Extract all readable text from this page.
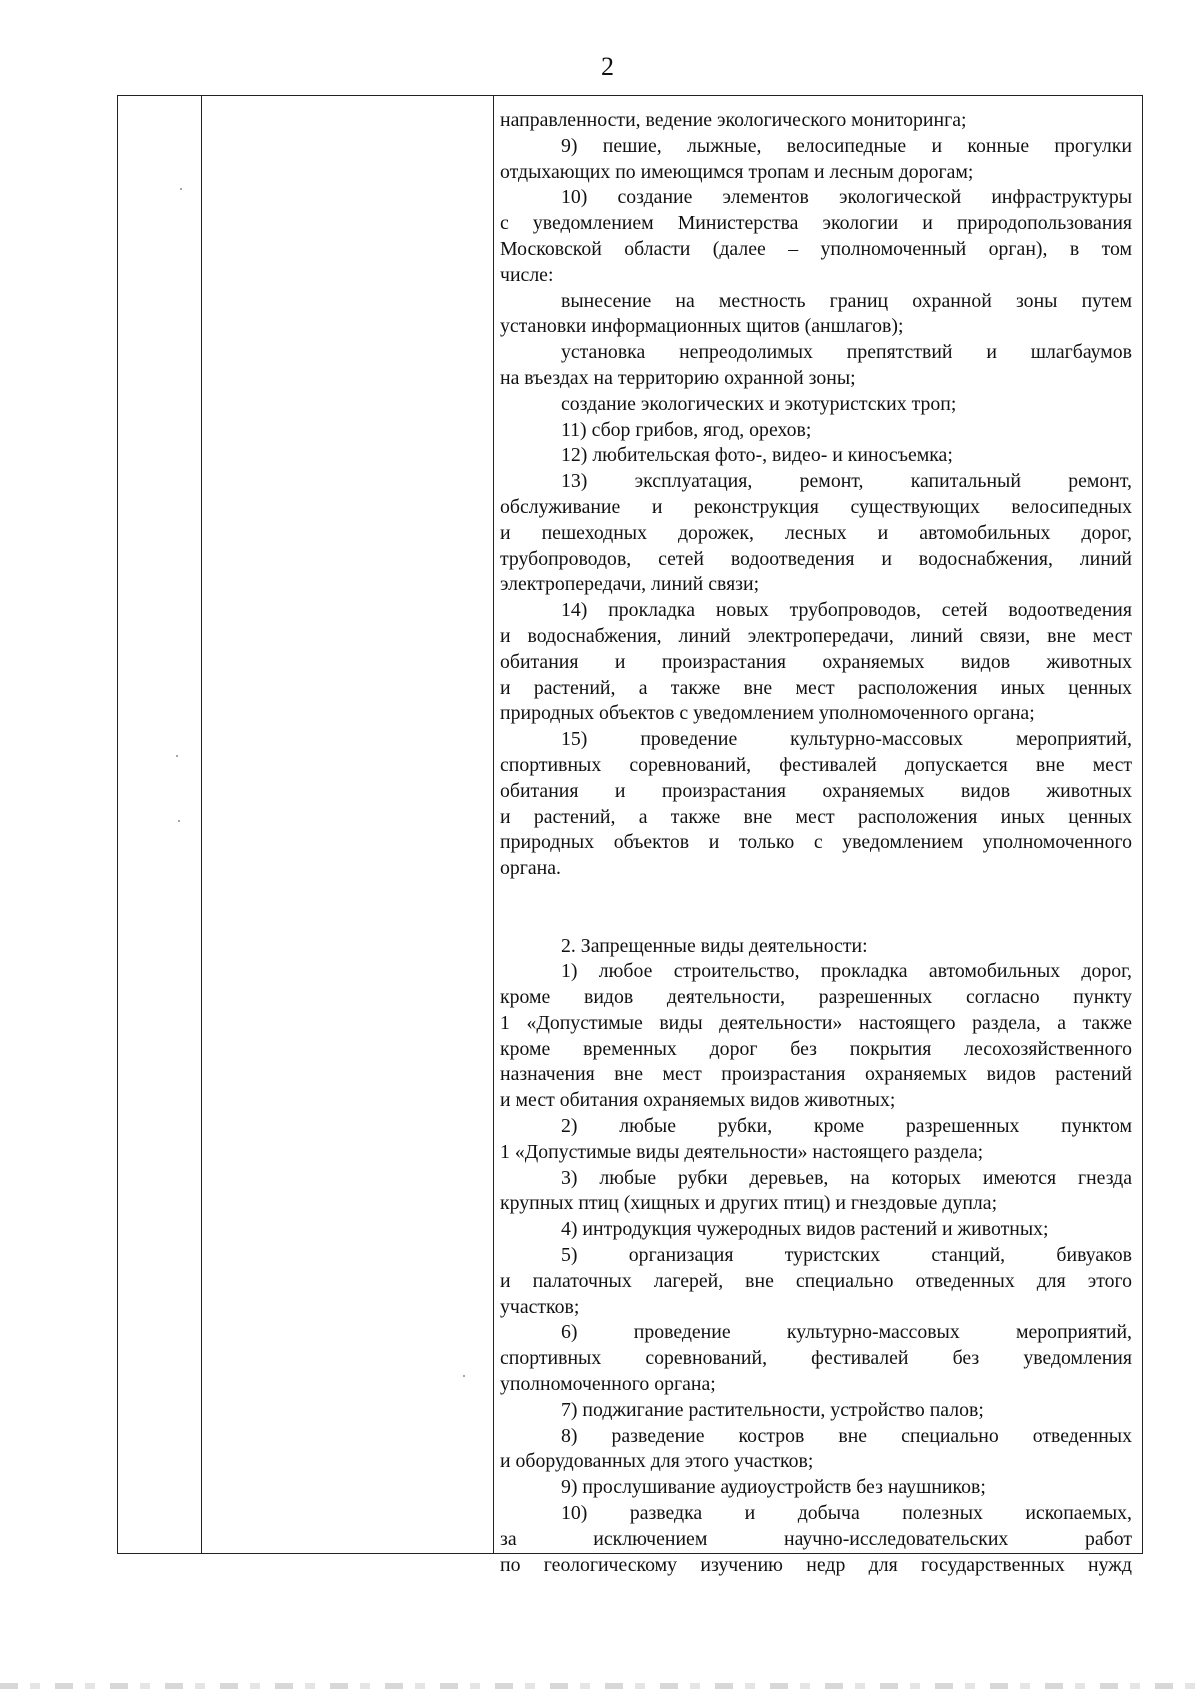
2
направленности, ведение экологического мониторинга;
9) пешие, лыжные, велосипедные и конные прогулки
отдыхающих по имеющимся тропам и лесным дорогам;
10) создание элементов экологической инфраструктуры
с уведомлением Министерства экологии и природопользования
Московской области (далее – уполномоченный орган), в том
числе:
вынесение на местность границ охранной зоны путем
установки информационных щитов (аншлагов);
установка непреодолимых препятствий и шлагбаумов
на въездах на территорию охранной зоны;
создание экологических и экотуристских троп;
11) сбор грибов, ягод, орехов;
12) любительская фото-, видео- и киносъемка;
13) эксплуатация, ремонт, капитальный ремонт,
обслуживание и реконструкция существующих велосипедных
и пешеходных дорожек, лесных и автомобильных дорог,
трубопроводов, сетей водоотведения и водоснабжения, линий
электропередачи, линий связи;
14) прокладка новых трубопроводов, сетей водоотведения
и водоснабжения, линий электропередачи, линий связи, вне мест
обитания и произрастания охраняемых видов животных
и растений, а также вне мест расположения иных ценных
природных объектов с уведомлением уполномоченного органа;
15) проведение культурно-массовых мероприятий,
спортивных соревнований, фестивалей допускается вне мест
обитания и произрастания охраняемых видов животных
и растений, а также вне мест расположения иных ценных
природных объектов и только с уведомлением уполномоченного
органа.
2. Запрещенные виды деятельности:
1) любое строительство, прокладка автомобильных дорог,
кроме видов деятельности, разрешенных согласно пункту
1 «Допустимые виды деятельности» настоящего раздела, а также
кроме временных дорог без покрытия лесохозяйственного
назначения вне мест произрастания охраняемых видов растений
и мест обитания охраняемых видов животных;
2) любые рубки, кроме разрешенных пунктом
1 «Допустимые виды деятельности» настоящего раздела;
3) любые рубки деревьев, на которых имеются гнезда
крупных птиц (хищных и других птиц) и гнездовые дупла;
4) интродукция чужеродных видов растений и животных;
5) организация туристских станций, бивуаков
и палаточных лагерей, вне специально отведенных для этого
участков;
6) проведение культурно-массовых мероприятий,
спортивных соревнований, фестивалей без уведомления
уполномоченного органа;
7) поджигание растительности, устройство палов;
8) разведение костров вне специально отведенных
и оборудованных для этого участков;
9) прослушивание аудиоустройств без наушников;
10) разведка и добыча полезных ископаемых,
за исключением научно-исследовательских работ
по геологическому изучению недр для государственных нужд
